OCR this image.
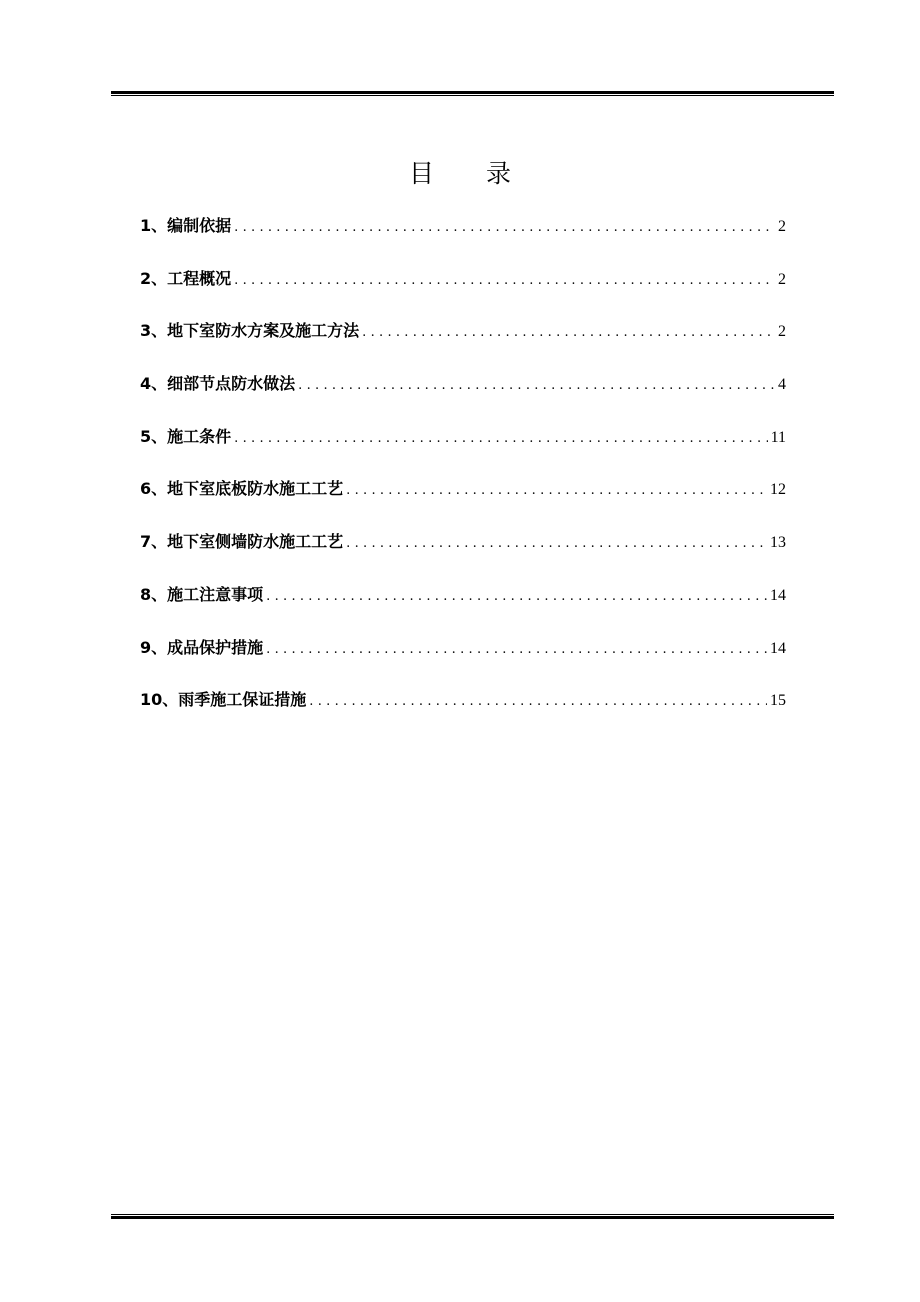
目 录
1、编制依据 .....	2
2、工程概况 .....	2
3、地下室防水方案及施工方法 .....	2
4、细部节点防水做法 .....	4
5、施工条件 .....	11
6、地下室底板防水施工工艺 .....	12
7、地下室侧墙防水施工工艺 .....	13
8、施工注意事项 .....	14
9、成品保护措施 .....	14
10、雨季施工保证措施 .....	15
